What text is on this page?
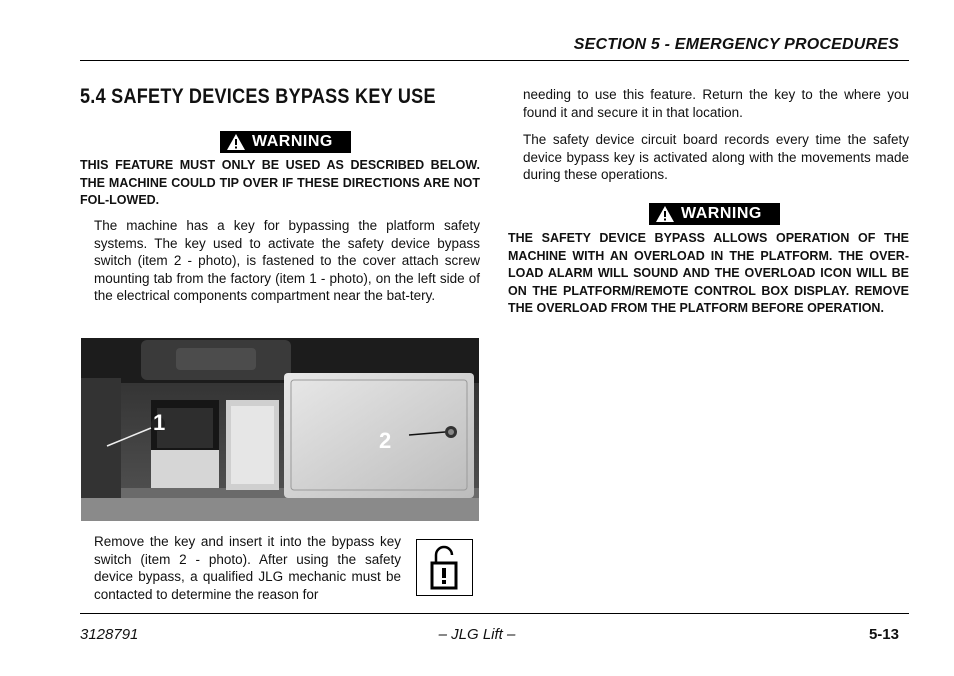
SECTION 5 - EMERGENCY PROCEDURES
5.4 SAFETY DEVICES BYPASS KEY USE
WARNING
THIS FEATURE MUST ONLY BE USED AS DESCRIBED BELOW. THE MACHINE COULD TIP OVER IF THESE DIRECTIONS ARE NOT FOL-LOWED.
The machine has a key for bypassing the platform safety systems. The key used to activate the safety device bypass switch (item 2 - photo), is fastened to the cover attach screw mounting tab from the factory (item 1 - photo), on the left side of the electrical components compartment near the bat-tery.
1
2
Remove the key and insert it into the bypass key switch (item 2 - photo). After using the safety device bypass, a qualified JLG mechanic must be contacted to determine the reason for
needing to use this feature. Return the key to the where you found it and secure it in that location.
The safety device circuit board records every time the safety device bypass key is activated along with the movements made during these operations.
WARNING
THE SAFETY DEVICE BYPASS ALLOWS OPERATION OF THE MACHINE WITH AN OVERLOAD IN THE PLATFORM. THE OVER-LOAD ALARM WILL SOUND AND THE OVERLOAD ICON WILL BE ON THE PLATFORM/REMOTE CONTROL BOX DISPLAY. REMOVE THE OVERLOAD FROM THE PLATFORM BEFORE OPERATION.
3128791	– JLG Lift –	5-13
